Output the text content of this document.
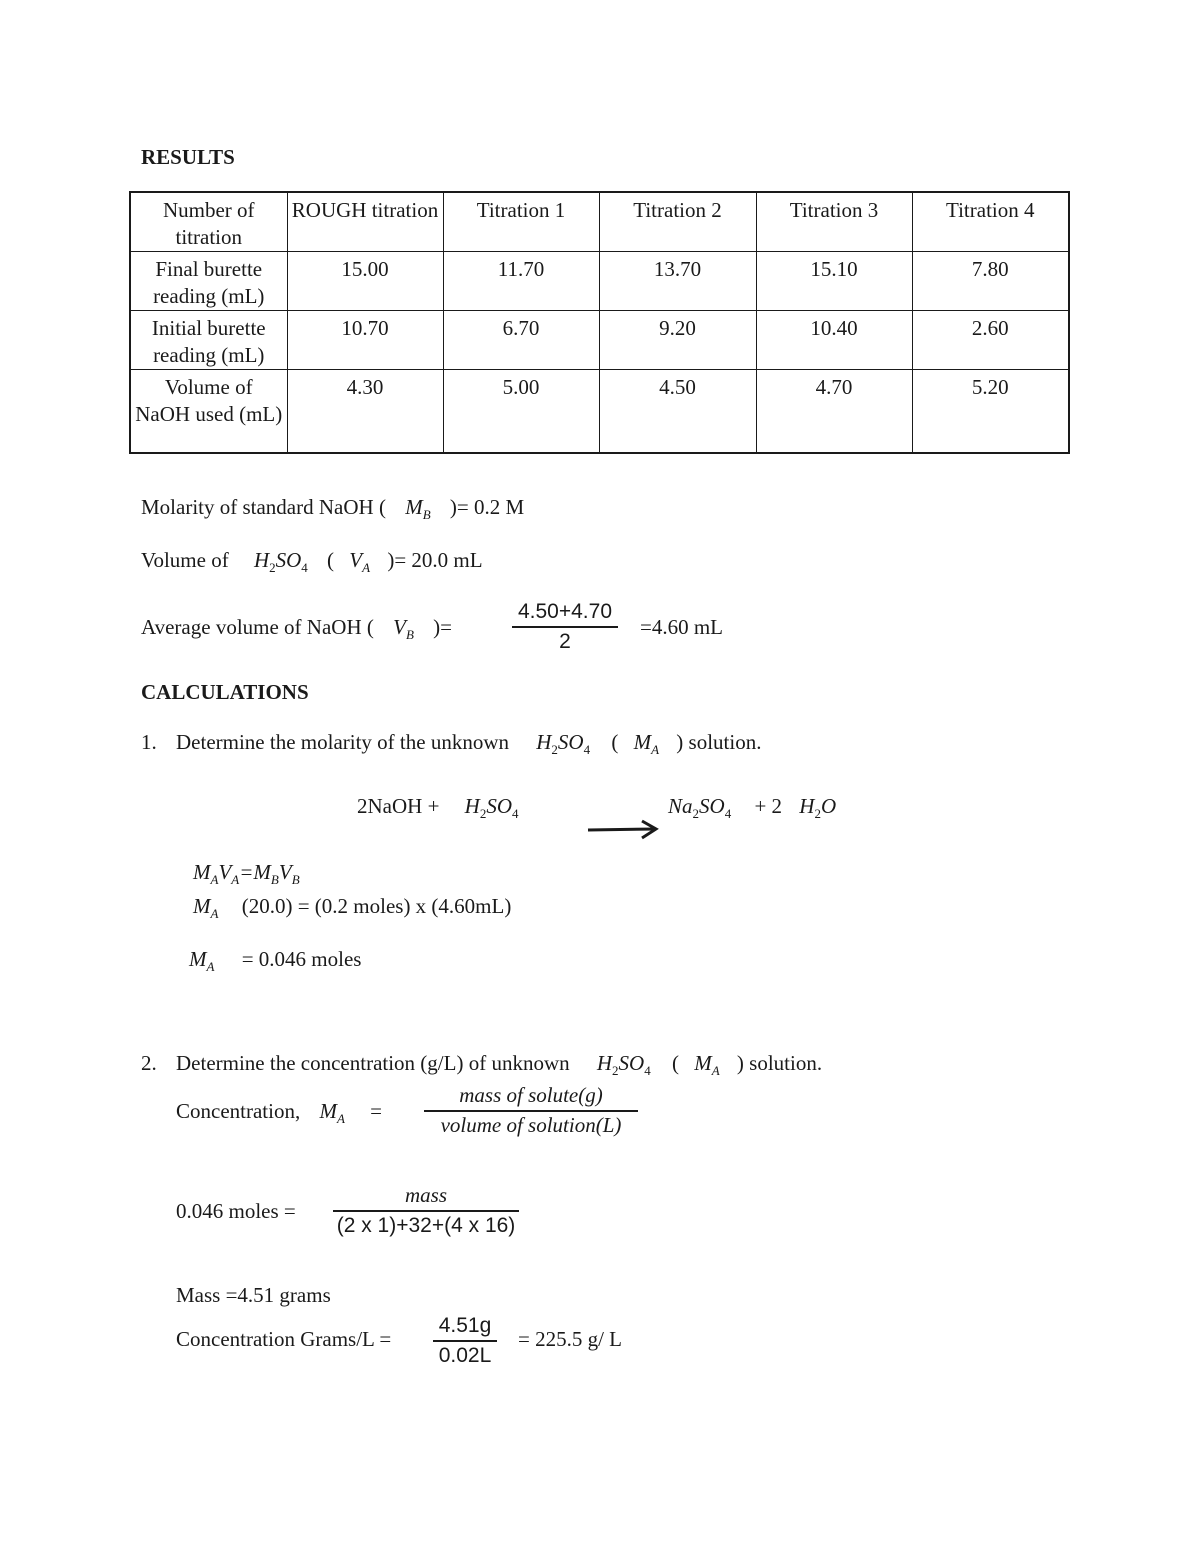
RESULTS
Number of titration	ROUGH titration	Titration 1	Titration 2	Titration 3	Titration 4
Final burette reading (mL)	15.00	11.70	13.70	15.10	7.80
Initial burette reading (mL)	10.70	6.70	9.20	10.40	2.60
Volume of NaOH used (mL)	4.30	5.00	4.50	4.70	5.20
Molarity of standard NaOH ( $M_B$ )= 0.2 M
Volume of $H_2SO_4$ ( $V_A$ )= 20.0 mL
Average volume of NaOH ( $V_B$ )=	$\frac{4.50+4.70}{2} =4.60$ mL
CALCULATIONS
1. Determine the molarity of the unknown $H_2SO_4$ ( $M_A$ ) solution.
2NaOH + $H_2SO_4$	$Na_2SO_4 + 2$ $H_2O$
$M_AV_A=M_BV_B$
$M_A$ (20.0) = (0.2 moles) x (4.60mL)
$M_A = 0.046$ moles
2. Determine the concentration (g/L) of unknown $H_2SO_4$ ( $M_A$ ) solution.
Concentration, $M_A$ =
mass of solute(g)
volume of solution(L)
0.046 moles =
mass
(2 x 1)+32+(4 x 16)
Mass =4.51 grams
Concentration Grams/L = $\frac{4.51g}{0.02L} = 225.5$ g/ L
